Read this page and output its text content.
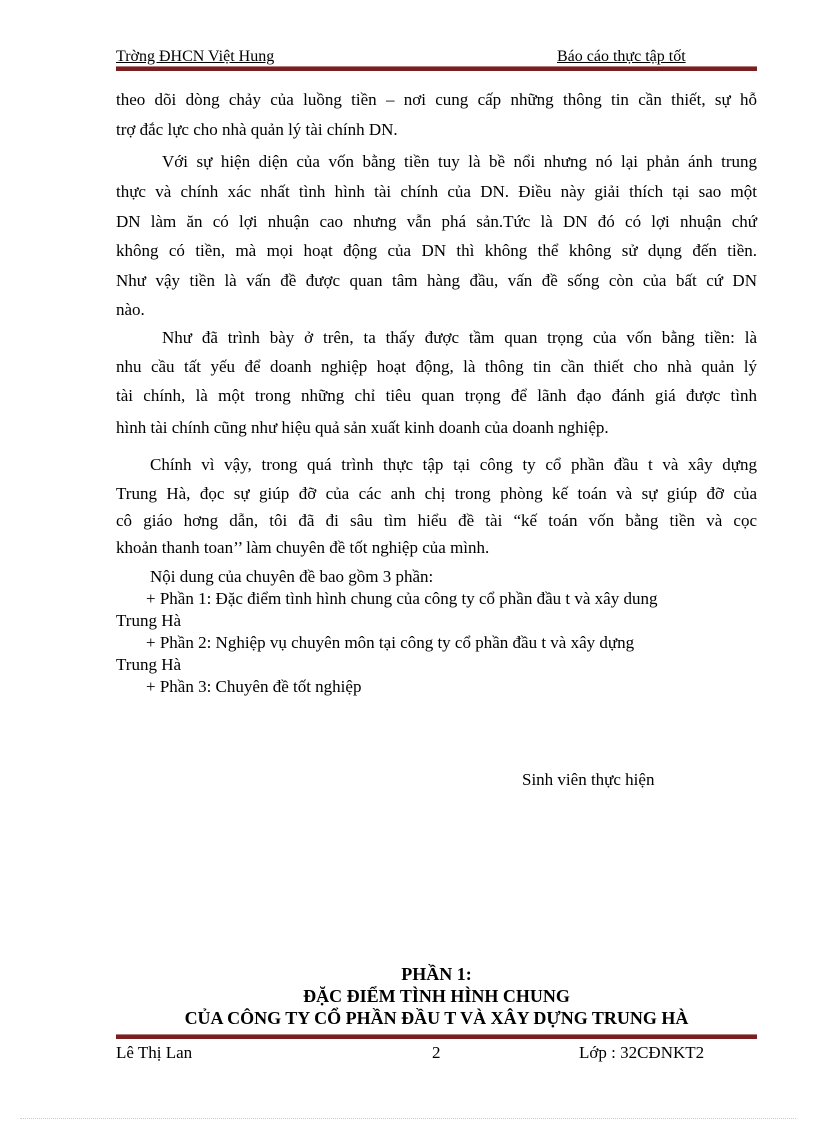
Trờng ĐHCN Việt Hung	Báo cáo thực tập tốt
theo dõi dòng chảy của luồng tiền – nơi cung cấp những thông tin cần thiết, sự hỗ
trợ đắc lực cho nhà quản lý tài chính DN.
Với sự hiện diện của vốn bằng tiền tuy là bề nổi nhưng nó lại phản ánh trung
thực và chính xác nhất tình hình tài chính của DN. Điều này giải thích tại sao một
DN làm ăn có lợi nhuận cao nhưng vẫn phá sản.Tức là DN đó có lợi nhuận chứ
không có tiền, mà mọi hoạt động của DN thì không thể không sử dụng đến tiền.
Như vậy tiền là vấn đề được quan tâm hàng đầu, vấn đề sống còn của bất cứ DN
nào.
Như đã trình bày ở trên, ta thấy được tầm quan trọng của vốn bằng tiền: là
nhu cầu tất yếu để doanh nghiệp hoạt động, là thông tin cần thiết cho nhà quản lý
tài chính, là một trong những chỉ tiêu quan trọng để lãnh đạo đánh giá được tình
hình tài chính cũng như hiệu quả sản xuất kinh doanh của doanh nghiệp.
Chính vì vậy, trong quá trình thực tập tại công ty cổ phần đầu t và xây dựng
Trung Hà, đọc sự giúp đỡ của các anh chị trong phòng kế toán và sự giúp đỡ của
cô giáo hơng dẫn, tôi đã đi sâu tìm hiểu đề tài “kế toán vốn bằng tiền và cọc
khoản thanh toan’’ làm chuyên đề tốt nghiệp của mình.
Nội dung của chuyên đề bao gồm 3 phần:
+ Phần 1: Đặc điểm tình hình chung của công ty cổ phần đầu t và xây dung
Trung Hà
+ Phần 2: Nghiệp vụ chuyên môn tại công ty cổ phần đầu t và xây dựng
Trung Hà
+ Phần 3: Chuyên đề tốt nghiệp
Sinh viên thực hiện
PHẦN 1:
ĐẶC ĐIỂM TÌNH HÌNH CHUNG
CỦA CÔNG TY CỔ PHẦN ĐẦU T VÀ XÂY DỰNG TRUNG HÀ
Lê Thị Lan	2	Lớp : 32CĐNKT2
